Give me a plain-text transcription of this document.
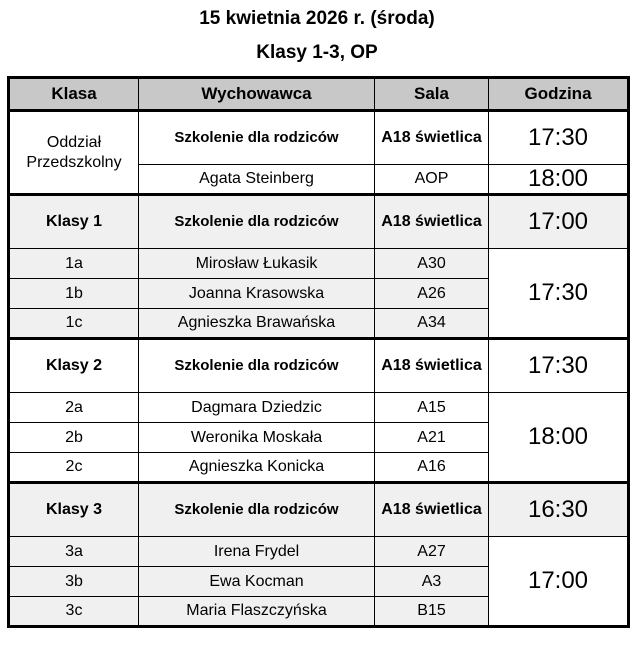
15 kwietnia 2026 r. (środa)
Klasy 1-3, OP
Klasa	Wychowawca	Sala	Godzina
Oddział Przedszkolny	Szkolenie dla rodziców	A18 świetlica	17:30
	Agata Steinberg	AOP	18:00
Klasy 1	Szkolenie dla rodziców	A18 świetlica	17:00
1a	Mirosław Łukasik	A30	17:30
1b	Joanna Krasowska	A26	
1c	Agnieszka Brawańska	A34	
Klasy 2	Szkolenie dla rodziców	A18 świetlica	17:30
2a	Dagmara Dziedzic	A15	18:00
2b	Weronika Moskała	A21	
2c	Agnieszka Konicka	A16	
Klasy 3	Szkolenie dla rodziców	A18 świetlica	16:30
3a	Irena Frydel	A27	17:00
3b	Ewa Kocman	A3	
3c	Maria Flaszczyńska	B15	
